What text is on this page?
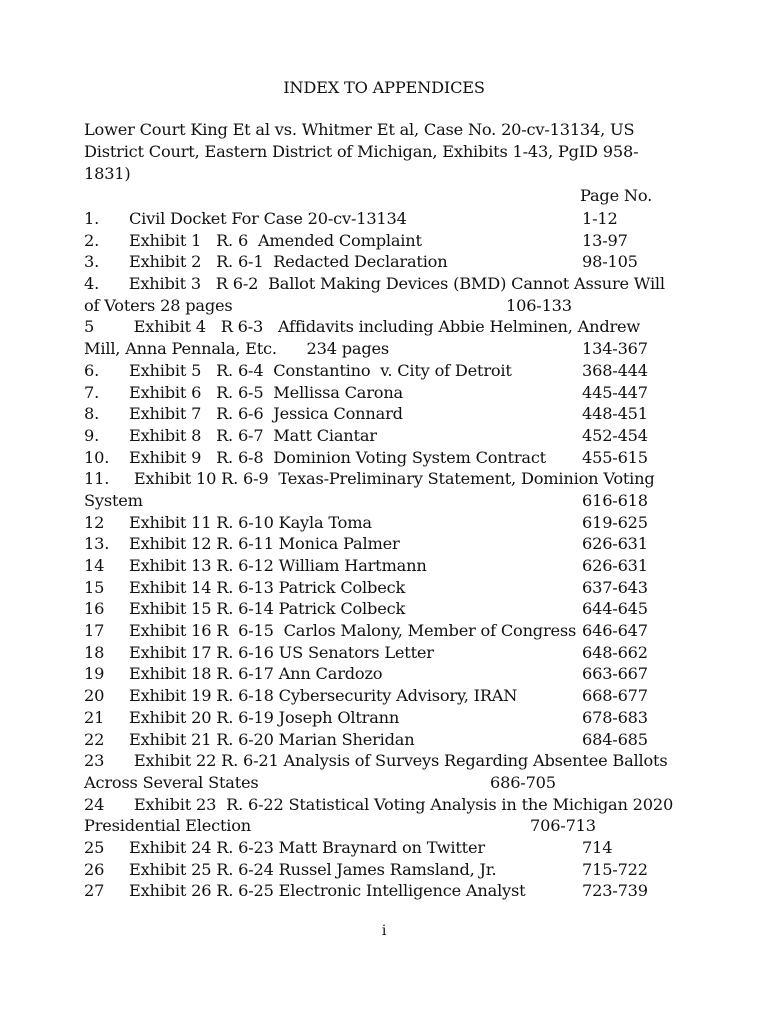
INDEX TO APPENDICES
Lower Court King Et al vs. Whitmer Et al, Case No. 20-cv-13134, US District Court, Eastern District of Michigan, Exhibits 1-43, PgID 958-1831)
Page No.
1. Civil Docket For Case 20-cv-13134	1-12
2. Exhibit 1   R. 6  Amended Complaint	13-97
3. Exhibit 2   R. 6-1  Redacted Declaration	98-105
4.      Exhibit 3   R 6-2  Ballot Making Devices (BMD) Cannot Assure Will
of Voters 28 pages	106-133
5        Exhibit 4   R 6-3   Affidavits including Abbie Helminen, Andrew
Mill, Anna Pennala, Etc.      234 pages	134-367
6. Exhibit 5   R. 6-4  Constantino  v. City of Detroit	368-444
7. Exhibit 6   R. 6-5  Mellissa Carona	445-447
8. Exhibit 7   R. 6-6  Jessica Connard	448-451
9. Exhibit 8   R. 6-7  Matt Ciantar	452-454
10. Exhibit 9   R. 6-8  Dominion Voting System Contract 455-615
11.     Exhibit 10 R. 6-9  Texas-Preliminary Statement, Dominion Voting
System	616-618
12 Exhibit 11 R. 6-10 Kayla Toma	619-625
13. Exhibit 12 R. 6-11 Monica Palmer	626-631
14 Exhibit 13 R. 6-12 William Hartmann	626-631
15 Exhibit 14 R. 6-13 Patrick Colbeck	637-643
16 Exhibit 15 R. 6-14 Patrick Colbeck	644-645
17 Exhibit 16 R  6-15  Carlos Malony, Member of Congress 646-647
18 Exhibit 17 R. 6-16 US Senators Letter	648-662
19 Exhibit 18 R. 6-17 Ann Cardozo	663-667
20 Exhibit 19 R. 6-18 Cybersecurity Advisory, IRAN	668-677
21 Exhibit 20 R. 6-19 Joseph Oltrann	678-683
22 Exhibit 21 R. 6-20 Marian Sheridan	684-685
23      Exhibit 22 R. 6-21 Analysis of Surveys Regarding Absentee Ballots
Across Several States	686-705
24      Exhibit 23  R. 6-22 Statistical Voting Analysis in the Michigan 2020
Presidential Election	706-713
25 Exhibit 24 R. 6-23 Matt Braynard on Twitter	714
26 Exhibit 25 R. 6-24 Russel James Ramsland, Jr.	715-722
27 Exhibit 26 R. 6-25 Electronic Intelligence Analyst	723-739
i
